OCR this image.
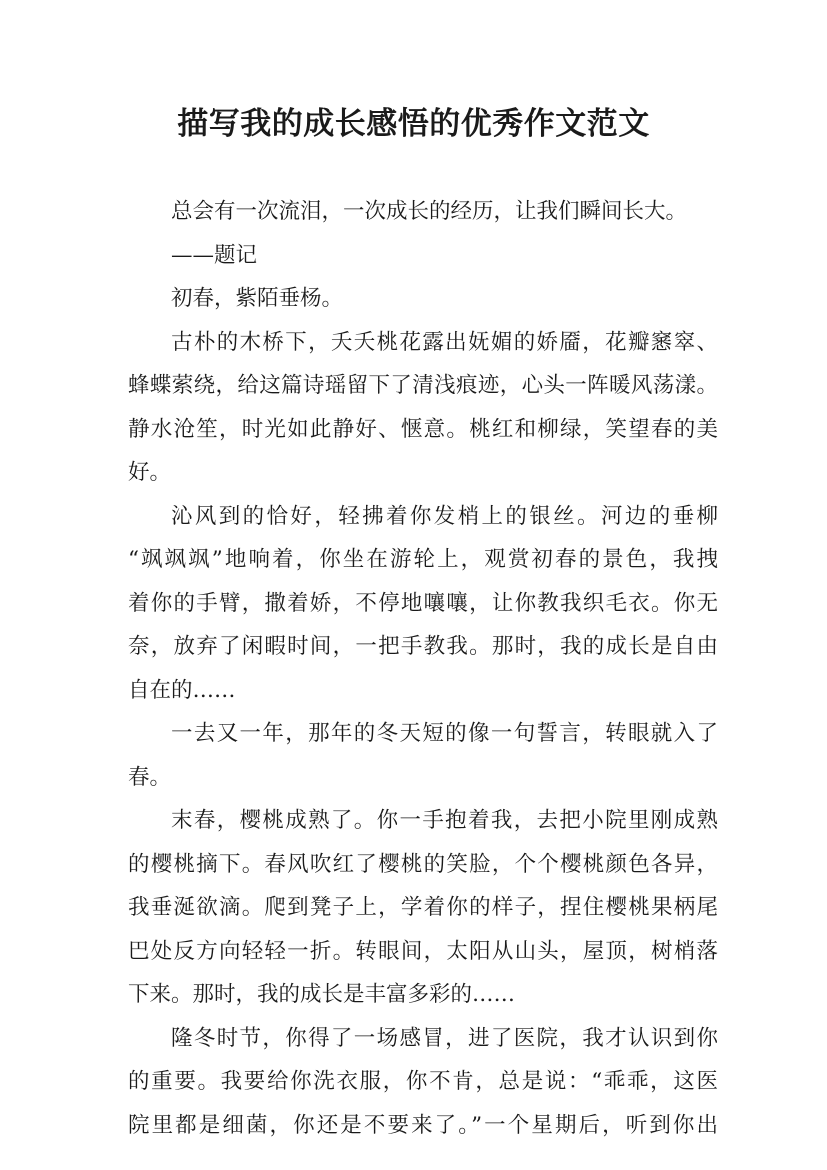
描写我的成长感悟的优秀作文范文
总会有一次流泪，一次成长的经历，让我们瞬间长大。
——题记
初春，紫陌垂杨。
古朴的木桥下，夭夭桃花露出妩媚的娇靥，花瓣窸窣、
蜂蝶萦绕，给这篇诗瑶留下了清浅痕迹，心头一阵暖风荡漾。
静水沧笙，时光如此静好、惬意。桃红和柳绿，笑望春的美
好。
沁风到的恰好，轻拂着你发梢上的银丝。河边的垂柳
“飒飒飒”地响着，你坐在游轮上，观赏初春的景色，我拽
着你的手臂，撒着娇，不停地嚷嚷，让你教我织毛衣。你无
奈，放弃了闲暇时间，一把手教我。那时，我的成长是自由
自在的……
一去又一年，那年的冬天短的像一句誓言，转眼就入了
春。
末春，樱桃成熟了。你一手抱着我，去把小院里刚成熟
的樱桃摘下。春风吹红了樱桃的笑脸，个个樱桃颜色各异，
我垂涎欲滴。爬到凳子上，学着你的样子，捏住樱桃果柄尾
巴处反方向轻轻一折。转眼间，太阳从山头，屋顶，树梢落
下来。那时，我的成长是丰富多彩的……
隆冬时节，你得了一场感冒，进了医院，我才认识到你
的重要。我要给你洗衣服，你不肯，总是说：“乖乖，这医
院里都是细菌，你还是不要来了。”一个星期后，听到你出
